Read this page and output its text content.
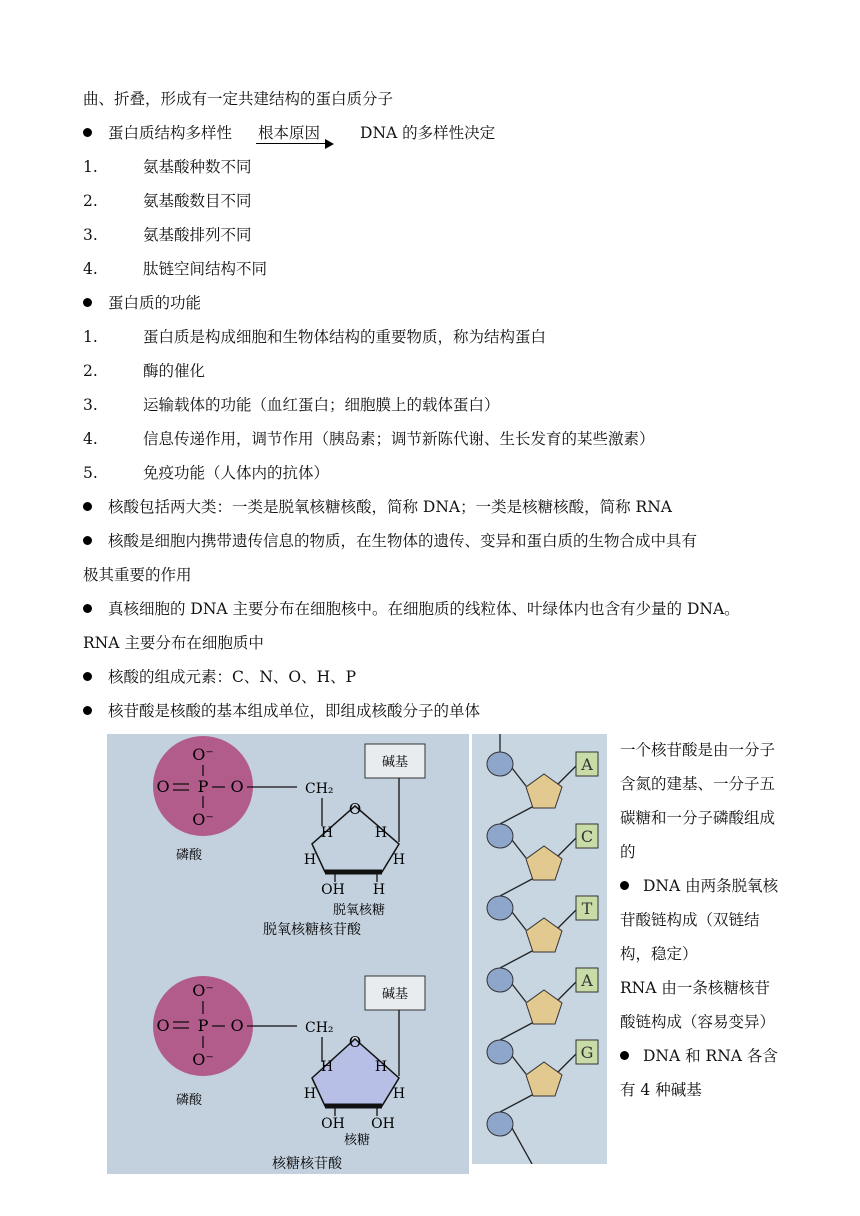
曲、折叠，形成有一定共建结构的蛋白质分子
蛋白质结构多样性 根本原因	DNA 的多样性决定
1.	氨基酸种数不同
2.	氨基酸数目不同
3.	氨基酸排列不同
4.	肽链空间结构不同
蛋白质的功能
1.	蛋白质是构成细胞和生物体结构的重要物质，称为结构蛋白
2.	酶的催化
3.	运输载体的功能（血红蛋白；细胞膜上的载体蛋白）
4.	信息传递作用，调节作用（胰岛素；调节新陈代谢、生长发育的某些激素）
5.	免疫功能（人体内的抗体）
核酸包括两大类：一类是脱氧核糖核酸，简称 DNA；一类是核糖核酸，简称 RNA
核酸是细胞内携带遗传信息的物质，在生物体的遗传、变异和蛋白质的生物合成中具有
极其重要的作用
真核细胞的 DNA 主要分布在细胞核中。在细胞质的线粒体、叶绿体内也含有少量的 DNA。
RNA 主要分布在细胞质中
核酸的组成元素：C、N、O、H、P
核苷酸是核酸的基本组成单位，即组成核酸分子的单体
O⁻
O P O
O⁻
磷酸
CH₂
碱基
O
H	H
H	H
OH H
脱氧核糖
脱氧核糖核苷酸
O⁻
O P O
O⁻
磷酸
CH₂
碱基
O
H	H
H	H
OH OH
核糖
核糖核苷酸
A
C
T
A
G

一个核苷酸是由一分子含氮的建基、一分子五碳糖和一分子磷酸组成的

DNA 由两条脱氧核苷酸链构成（双链结构，稳定）

RNA 由一条核糖核苷酸链构成（容易变异）

DNA 和 RNA 各含有 4 种碱基
